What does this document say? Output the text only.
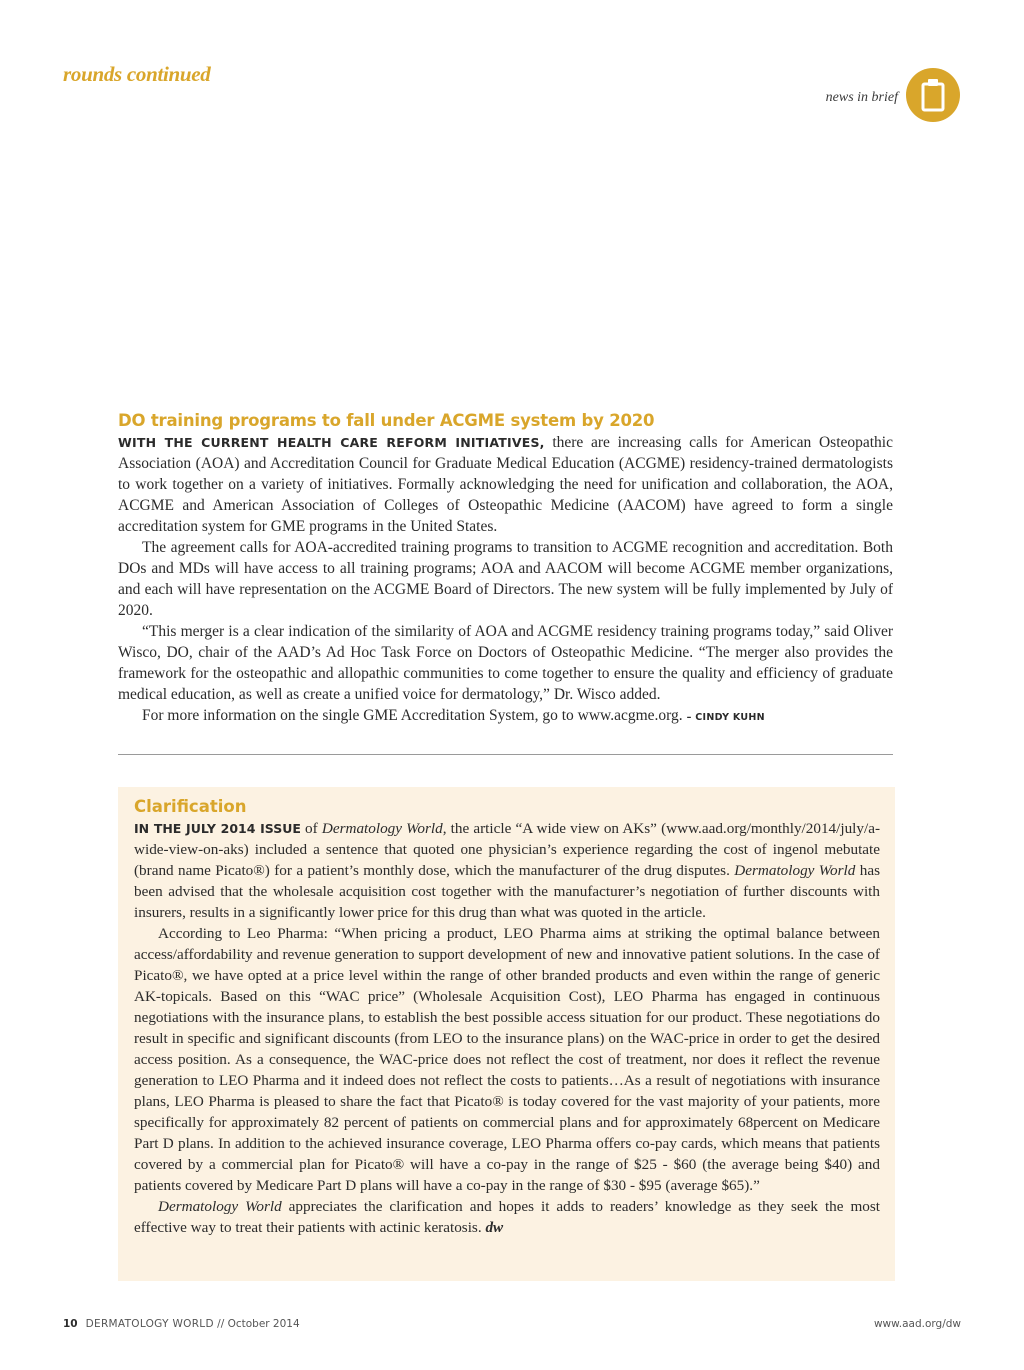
rounds continued
news in brief
DO training programs to fall under ACGME system by 2020

WITH THE CURRENT HEALTH CARE REFORM INITIATIVES, there are increasing calls for American Osteopathic Association (AOA) and Accreditation Council for Graduate Medical Education (ACGME) residency-trained dermatologists to work together on a variety of initiatives. Formally acknowledging the need for unification and collaboration, the AOA, ACGME and American Association of Colleges of Osteopathic Medicine (AACOM) have agreed to form a single accreditation system for GME programs in the United States.

The agreement calls for AOA-accredited training programs to transition to ACGME recognition and accreditation. Both DOs and MDs will have access to all training programs; AOA and AACOM will become ACGME member organizations, and each will have representation on the ACGME Board of Directors. The new system will be fully implemented by July of 2020.

“This merger is a clear indication of the similarity of AOA and ACGME residency training programs today,” said Oliver Wisco, DO, chair of the AAD’s Ad Hoc Task Force on Doctors of Osteopathic Medicine. “The merger also provides the framework for the osteopathic and allopathic communities to come together to ensure the quality and efficiency of graduate medical education, as well as create a unified voice for dermatology,” Dr. Wisco added.

For more information on the single GME Accreditation System, go to www.acgme.org. – CINDY KUHN

Clarification

IN THE JULY 2014 ISSUE of Dermatology World, the article “A wide view on AKs” (www.aad.org/monthly/2014/july/a-wide-view-on-aks) included a sentence that quoted one physician’s experience regarding the cost of ingenol mebutate (brand name Picato®) for a patient’s monthly dose, which the manufacturer of the drug disputes. Dermatology World has been advised that the wholesale acquisition cost together with the manufacturer’s negotiation of further discounts with insurers, results in a significantly lower price for this drug than what was quoted in the article.

According to Leo Pharma: “When pricing a product, LEO Pharma aims at striking the optimal balance between access/affordability and revenue generation to support development of new and innovative patient solutions. In the case of Picato®, we have opted at a price level within the range of other branded products and even within the range of generic AK-topicals. Based on this “WAC price” (Wholesale Acquisition Cost), LEO Pharma has engaged in continuous negotiations with the insurance plans, to establish the best possible access situation for our product. These negotiations do result in specific and significant discounts (from LEO to the insurance plans) on the WAC-price in order to get the desired access position. As a consequence, the WAC-price does not reflect the cost of treatment, nor does it reflect the revenue generation to LEO Pharma and it indeed does not reflect the costs to patients…As a result of negotiations with insurance plans, LEO Pharma is pleased to share the fact that Picato® is today covered for the vast majority of your patients, more specifically for approximately 82 percent of patients on commercial plans and for approximately 68percent on Medicare Part D plans. In addition to the achieved insurance coverage, LEO Pharma offers co-pay cards, which means that patients covered by a commercial plan for Picato® will have a co-pay in the range of $25 - $60 (the average being $40) and patients covered by Medicare Part D plans will have a co-pay in the range of $30 - $95 (average $65).”

Dermatology World appreciates the clarification and hopes it adds to readers’ knowledge as they seek the most effective way to treat their patients with actinic keratosis. dw

10 DERMATOLOGY WORLD // October 2014	www.aad.org/dw
